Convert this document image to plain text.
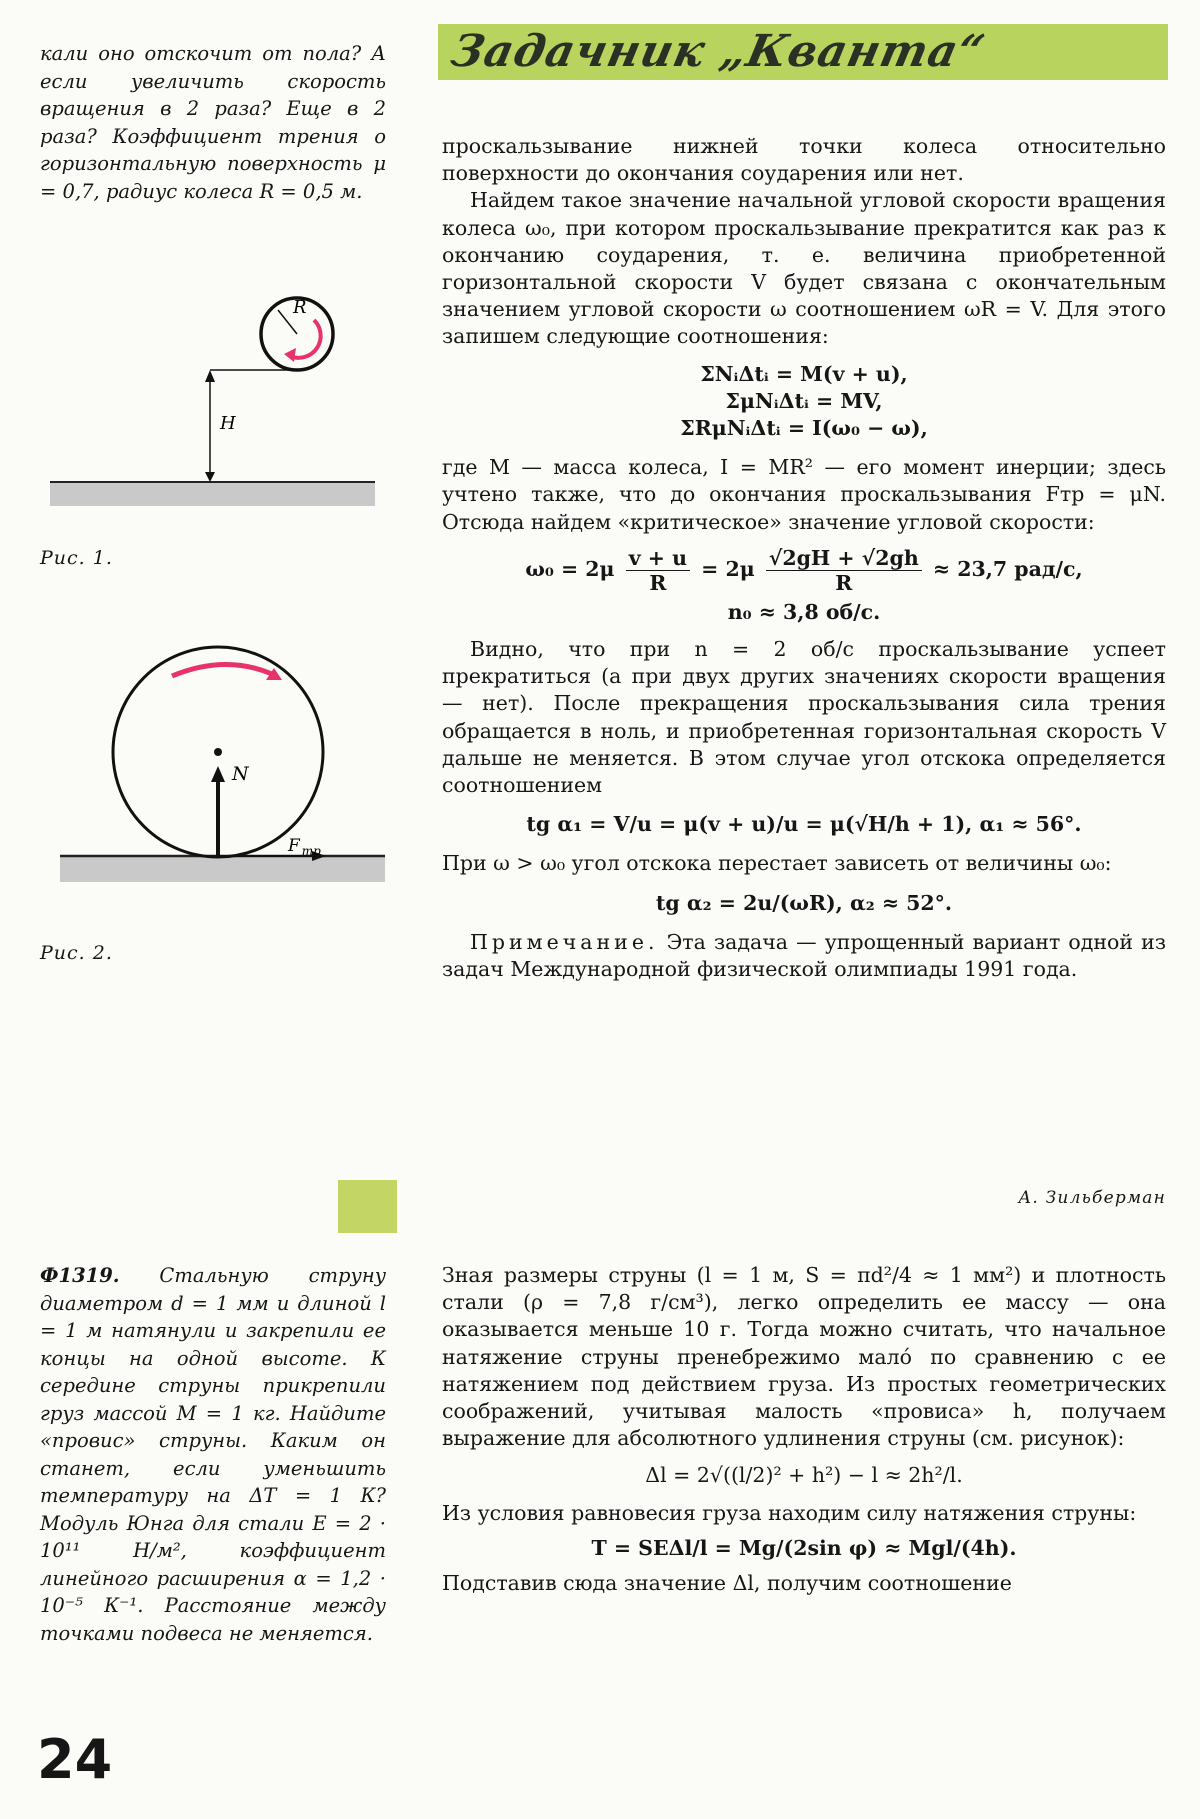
Задачник „Кванта“

кали оно отскочит от пола? А если увеличить скорость вращения в 2 раза? Еще в 2 раза? Коэффициент трения о горизонтальную поверхность μ = 0,7, радиус колеса R = 0,5 м.

R
H
Рис. 1.
N
F $_{тр}$
Рис. 2.

проскальзывание нижней точки колеса относительно поверхности до окончания соударения или нет.

Найдем такое значение начальной угловой скорости вращения колеса ω₀, при котором проскальзывание прекратится как раз к окончанию соударения, т. е. величина приобретенной горизонтальной скорости V будет связана с окончательным значением угловой скорости ω соотношением ωR = V. Для этого запишем следующие соотношения:

ΣNᵢΔtᵢ = M(v + u),
ΣμNᵢΔtᵢ = MV,
ΣRμNᵢΔtᵢ = I(ω₀ − ω),

где M — масса колеса, I = MR² — его момент инерции; здесь учтено также, что до окончания проскальзывания Fтр = μN. Отсюда найдем «критическое» значение угловой скорости:

$\omega_0 = 2\mu \frac{v + u}{R} = 2\mu \frac{√2gH + √2gh}{R} \approx 23,7$ рад/с,
n₀ ≈ 3,8 об/с.

Видно, что при n = 2 об/с проскальзывание успеет прекратиться (а при двух других значениях скорости вращения — нет). После прекращения проскальзывания сила трения обращается в ноль, и приобретенная горизонтальная скорость V дальше не меняется. В этом случае угол отскока определяется соотношением

tg α₁ = V/u = μ(v + u)/u = μ(√H/h + 1), α₁ ≈ 56°.

При ω > ω₀ угол отскока перестает зависеть от величины ω₀:

tg α₂ = 2u/(ωR), α₂ ≈ 52°.

Примечание. Эта задача — упрощенный вариант одной из задач Международной физической олимпиады 1991 года.

А. Зильберман

Ф1319. Стальную струну диаметром d = 1 мм и длиной l = 1 м натянули и закрепили ее концы на одной высоте. К середине струны прикрепили груз массой M = 1 кг. Найдите «провис» струны. Каким он станет, если уменьшить температуру на ΔT = 1 К? Модуль Юнга для стали E = 2 · 10¹¹ Н/м², коэффициент линейного расширения α = 1,2 · 10⁻⁵ К⁻¹. Расстояние между точками подвеса не меняется.

Зная размеры струны (l = 1 м, S = πd²/4 ≈ 1 мм²) и плотность стали (ρ = 7,8 г/см³), легко определить ее массу — она оказывается меньше 10 г. Тогда можно считать, что начальное натяжение струны пренебрежимо мало́ по сравнению с ее натяжением под действием груза. Из простых геометрических соображений, учитывая малость «провиса» h, получаем выражение для абсолютного удлинения струны (см. рисунок):

Δl = 2√((l/2)² + h²) − l ≈ 2h²/l.

Из условия равновесия груза находим силу натяжения струны:

T = SEΔl/l = Mg/(2sin φ) ≈ Mgl/(4h).

Подставив сюда значение Δl, получим соотношение

24
